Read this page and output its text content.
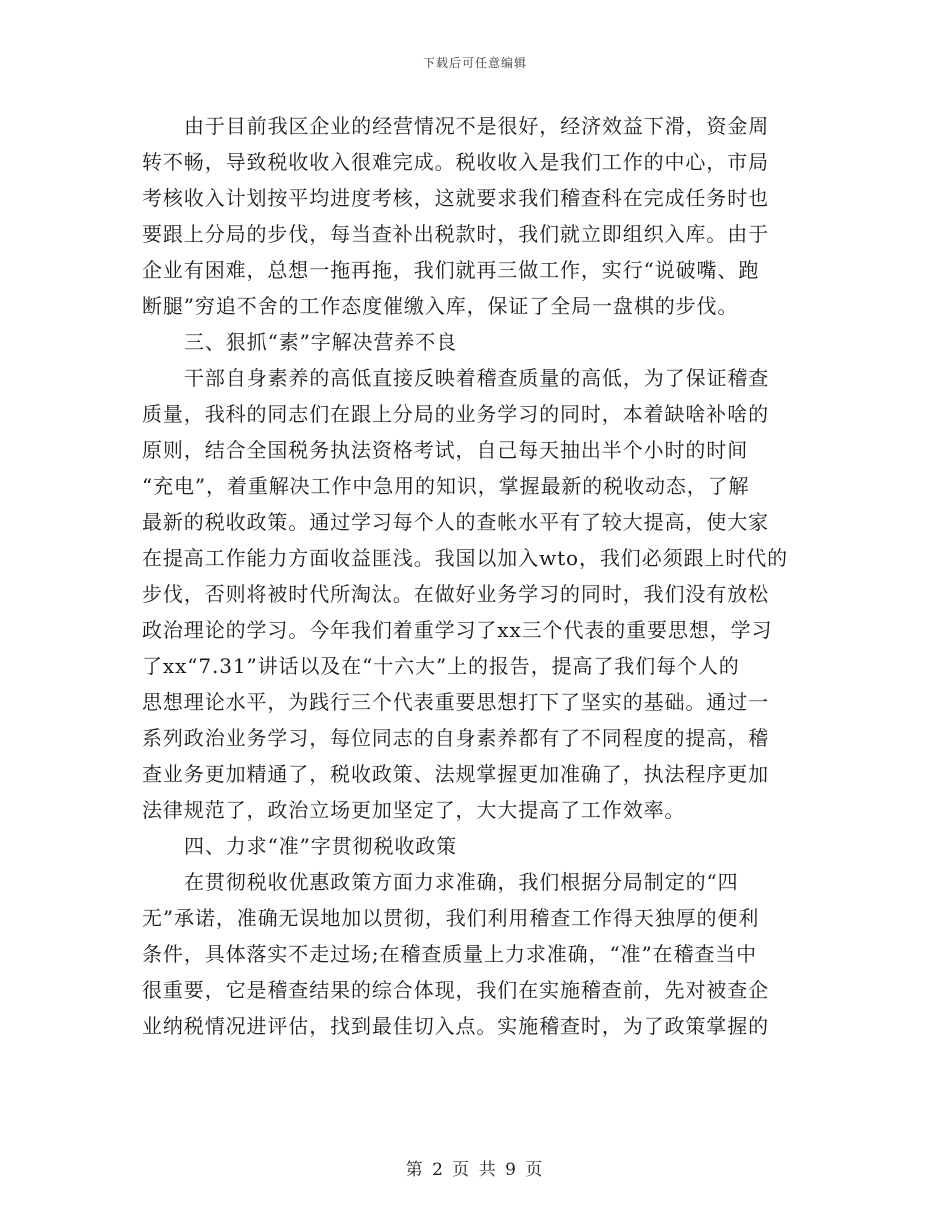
下载后可任意编辑
由于目前我区企业的经营情况不是很好，经济效益下滑，资金周
转不畅，导致税收收入很难完成。税收收入是我们工作的中心，市局
考核收入计划按平均进度考核，这就要求我们稽查科在完成任务时也
要跟上分局的步伐，每当查补出税款时，我们就立即组织入库。由于
企业有困难，总想一拖再拖，我们就再三做工作，实行“说破嘴、跑
断腿”穷追不舍的工作态度催缴入库，保证了全局一盘棋的步伐。
三、狠抓“素”字解决营养不良
干部自身素养的高低直接反映着稽查质量的高低，为了保证稽查
质量，我科的同志们在跟上分局的业务学习的同时，本着缺啥补啥的
原则，结合全国税务执法资格考试，自己每天抽出半个小时的时间
“充电”，着重解决工作中急用的知识，掌握最新的税收动态，了解
最新的税收政策。通过学习每个人的查帐水平有了较大提高，使大家
在提高工作能力方面收益匪浅。我国以加入wto，我们必须跟上时代的
步伐，否则将被时代所淘汰。在做好业务学习的同时，我们没有放松
政治理论的学习。今年我们着重学习了xx三个代表的重要思想，学习
了xx“7.31”讲话以及在“十六大”上的报告，提高了我们每个人的
思想理论水平，为践行三个代表重要思想打下了坚实的基础。通过一
系列政治业务学习，每位同志的自身素养都有了不同程度的提高，稽
查业务更加精通了，税收政策、法规掌握更加准确了，执法程序更加
法律规范了，政治立场更加坚定了，大大提高了工作效率。
四、力求“准”字贯彻税收政策
在贯彻税收优惠政策方面力求准确，我们根据分局制定的“四
无”承诺，准确无误地加以贯彻，我们利用稽查工作得天独厚的便利
条件，具体落实不走过场;在稽查质量上力求准确，“准”在稽查当中
很重要，它是稽查结果的综合体现，我们在实施稽查前，先对被查企
业纳税情况进评估，找到最佳切入点。实施稽查时，为了政策掌握的
第 2 页 共 9 页
